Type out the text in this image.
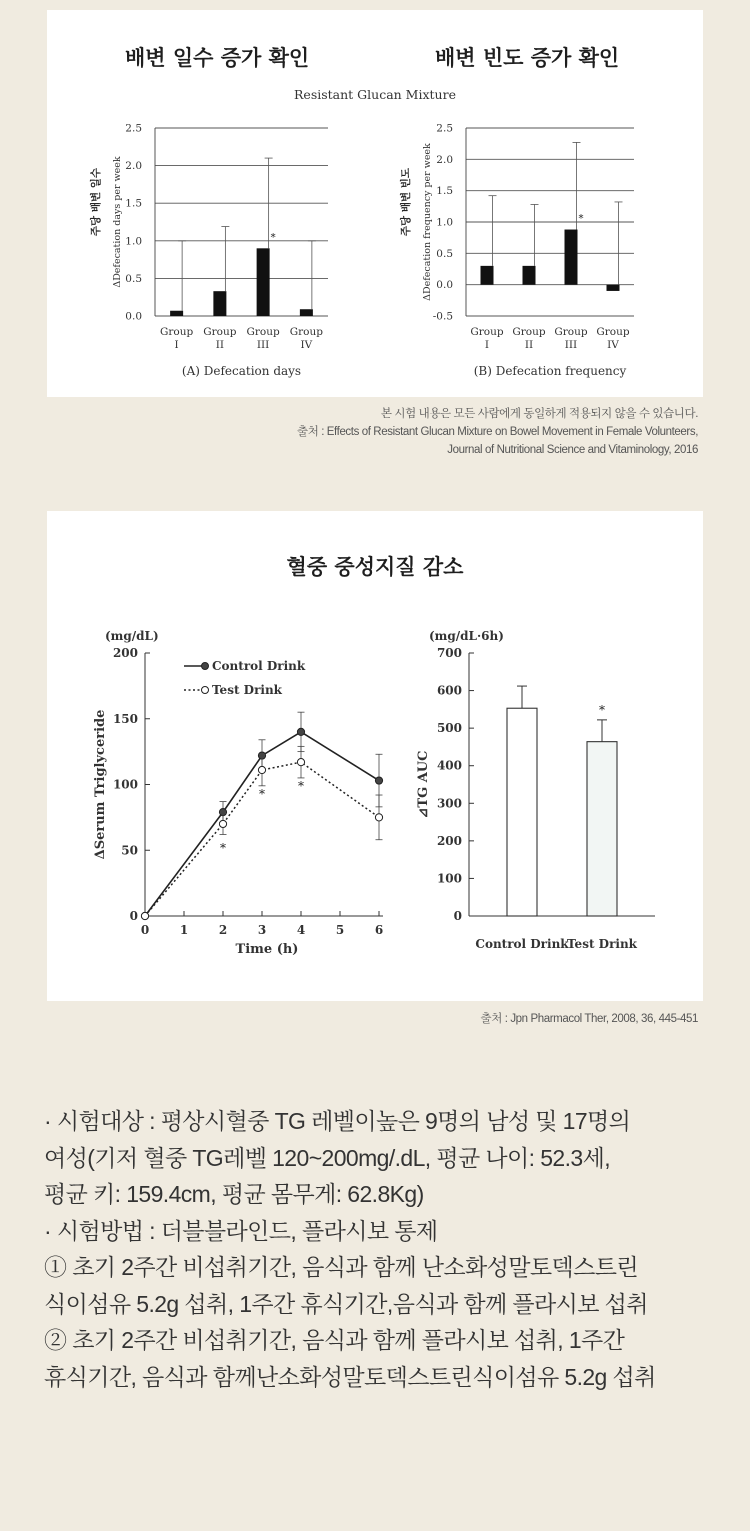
배변 일수 증가 확인	배변 빈도 증가 확인
Resistant Glucan Mixture
0.0
0.5
1.0
1.5
2.0
2.5
Group
I
Group
II
Group
III
*
Group
IV
(A) Defecation days
ΔDefecation days per week
주당 배변 일수
-0.5
0.0
0.5
1.0
1.5
2.0
2.5
Group
I
Group
II
Group
III
*
Group
IV
(B) Defecation frequency
ΔDefecation frequency per week
주당 배변 빈도
본 시험 내용은 모든 사람에게 동일하게 적용되지 않을 수 있습니다.
출처 : Effects of Resistant Glucan Mixture on Bowel Movement in Female Volunteers,
Journal of Nutritional Science and Vitaminology, 2016
혈중 중성지질 감소
0
50
100
150
200
0	1	2	3	4	5	6
Time (h)
(mg/dL)
ΔSerum Triglyceride	*
*
*
Control Drink
Test Drink
0
100
200
300
400
500
600
700
(mg/dL·6h)
⊿TG AUC
Control Drink
Test Drink
*
출처 : Jpn Pharmacol Ther, 2008, 36, 445-451
· 시험대상 : 평상시혈중 TG 레벨이높은 9명의 남성 및 17명의
여성(기저 혈중 TG레벨 120~200mg/.dL, 평균 나이: 52.3세,
평균 키: 159.4cm, 평균 몸무게: 62.8Kg)
· 시험방법 : 더블블라인드, 플라시보 통제
① 초기 2주간 비섭취기간, 음식과 함께 난소화성말토덱스트린
식이섬유 5.2g 섭취, 1주간 휴식기간,음식과 함께 플라시보 섭취
② 초기 2주간 비섭취기간, 음식과 함께 플라시보 섭취, 1주간
휴식기간, 음식과 함께난소화성말토덱스트린식이섬유 5.2g 섭취
